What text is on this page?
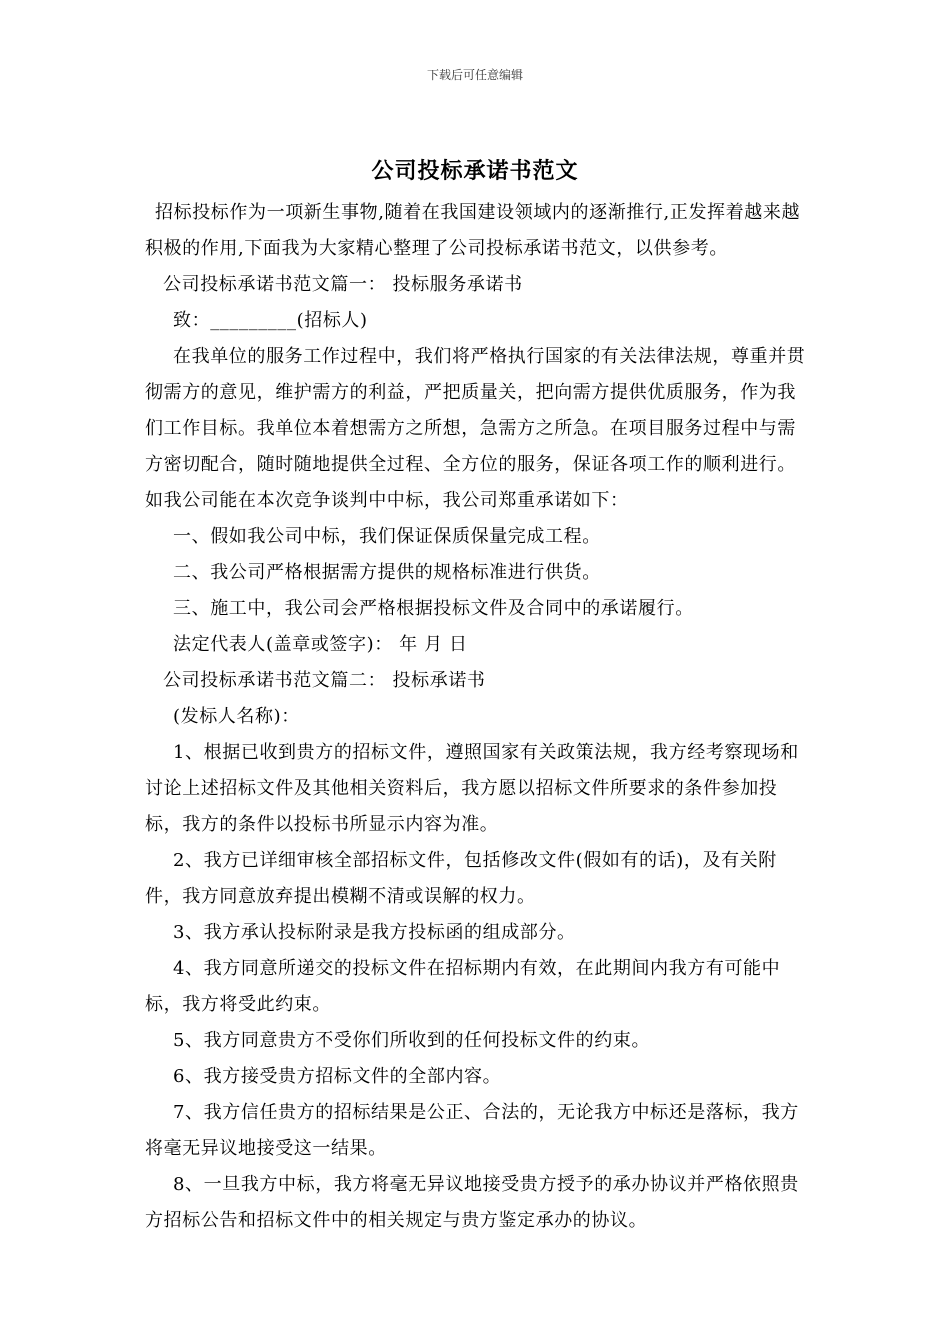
下载后可任意编辑
公司投标承诺书范文

招标投标作为一项新生事物,随着在我国建设领域内的逐渐推行,正发挥着越来越积极的作用,下面我为大家精心整理了公司投标承诺书范文，以供参考。

公司投标承诺书范文篇一： 投标服务承诺书

致：_________(招标人)

在我单位的服务工作过程中，我们将严格执行国家的有关法律法规，尊重并贯彻需方的意见，维护需方的利益，严把质量关，把向需方提供优质服务，作为我们工作目标。我单位本着想需方之所想，急需方之所急。在项目服务过程中与需方密切配合，随时随地提供全过程、全方位的服务，保证各项工作的顺利进行。 如我公司能在本次竞争谈判中中标，我公司郑重承诺如下：

一、假如我公司中标，我们保证保质保量完成工程。

二、我公司严格根据需方提供的规格标准进行供货。

三、施工中，我公司会严格根据投标文件及合同中的承诺履行。

法定代表人(盖章或签字)： 年 月 日

公司投标承诺书范文篇二： 投标承诺书

(发标人名称)：

1、根据已收到贵方的招标文件，遵照国家有关政策法规，我方经考察现场和讨论上述招标文件及其他相关资料后，我方愿以招标文件所要求的条件参加投标，我方的条件以投标书所显示内容为准。

2、我方已详细审核全部招标文件，包括修改文件(假如有的话)，及有关附件，我方同意放弃提出模糊不清或误解的权力。

3、我方承认投标附录是我方投标函的组成部分。

4、我方同意所递交的投标文件在招标期内有效，在此期间内我方有可能中标，我方将受此约束。

5、我方同意贵方不受你们所收到的任何投标文件的约束。

6、我方接受贵方招标文件的全部内容。

7、我方信任贵方的招标结果是公正、合法的，无论我方中标还是落标，我方将毫无异议地接受这一结果。

8、一旦我方中标，我方将毫无异议地接受贵方授予的承办协议并严格依照贵方招标公告和招标文件中的相关规定与贵方鉴定承办的协议。
